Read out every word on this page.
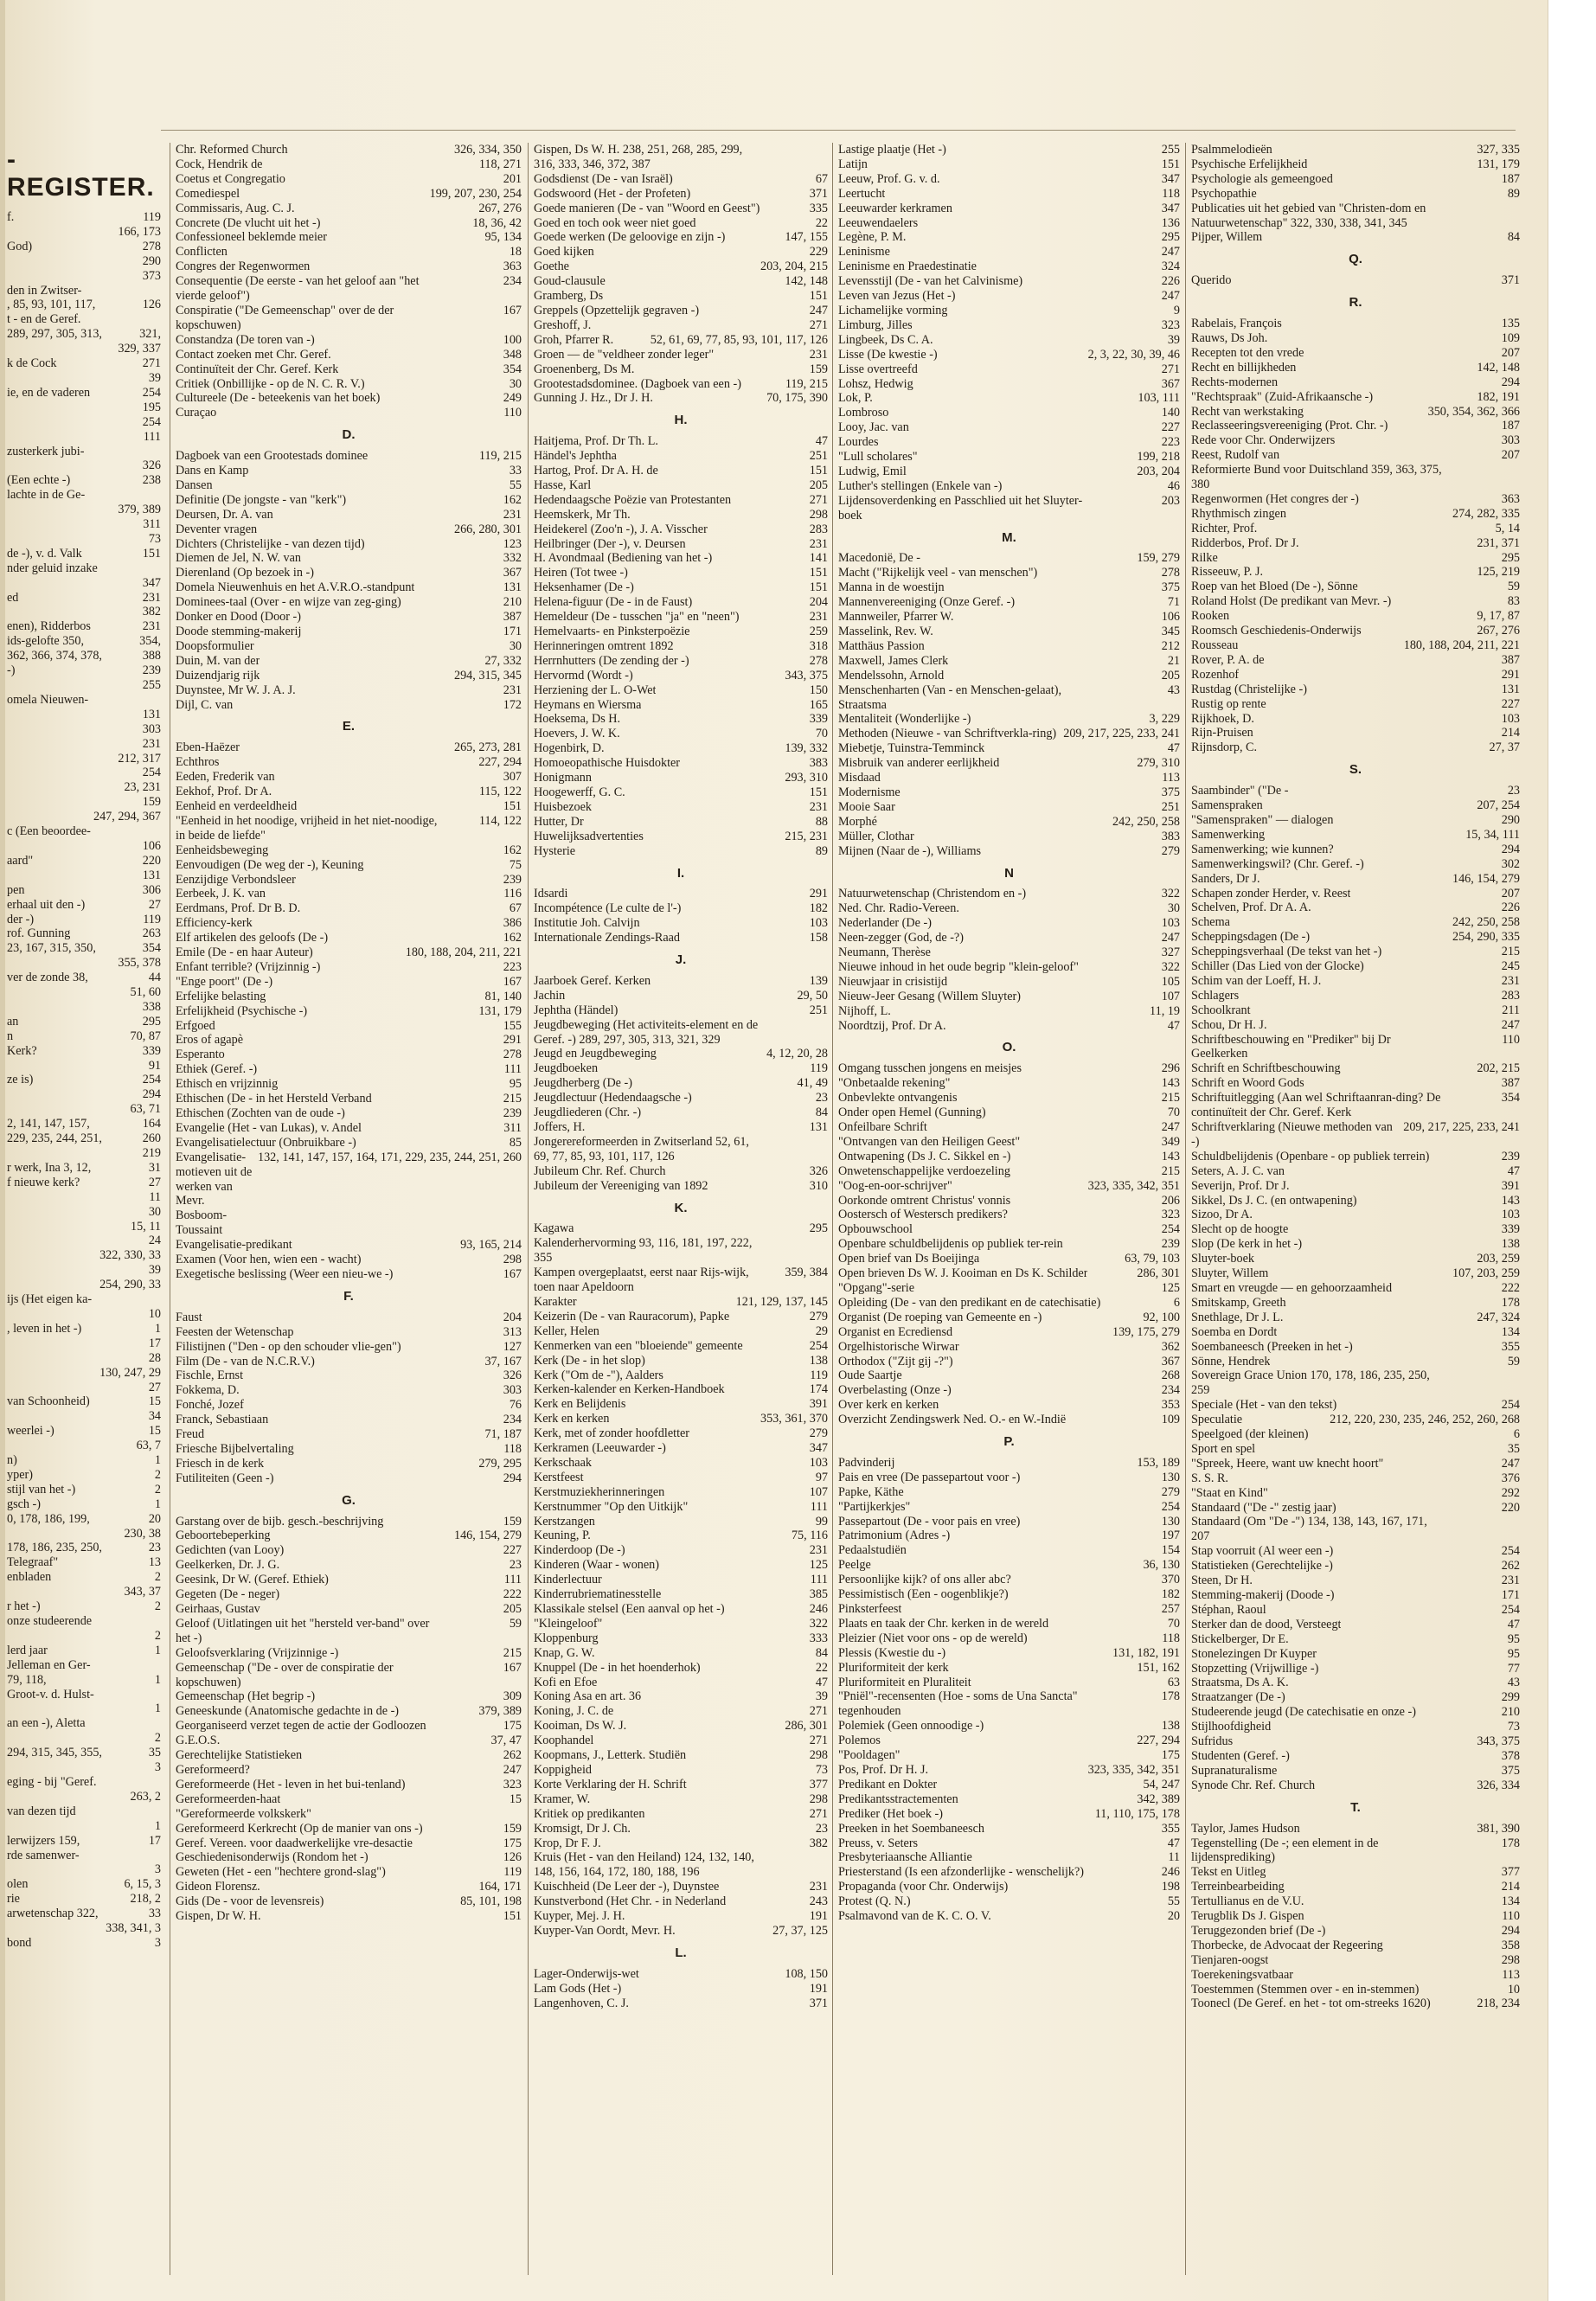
-REGISTER.
f.	119
166, 173
God)	278
290
373
den in Zwitser-
, 85, 93, 101, 117,	126
t - en de Geref.
289, 297, 305, 313,	321,
329, 337
k de Cock	271
39
ie, en de vaderen	254
195
254
111
zusterkerk jubi-
326
(Een echte -)	238
lachte in de Ge-
379, 389
311
73
de -), v. d. Valk	151
nder geluid inzake
347
ed	231
382
enen), Ridderbos	231
ids-gelofte 350,	354,
362, 366, 374, 378,	388
-)	239
255
omela Nieuwen-
131
303
231
212, 317
254
23, 231
159
247, 294, 367
c (Een beoordee-
106
aard"	220
131
pen	306
erhaal uit den -)	27
der -)	119
rof. Gunning	263
23, 167, 315, 350,	354
355, 378
ver de zonde 38,	44
51, 60
338
an	295
n	70, 87
Kerk?	339
91
ze is)	254
294
63, 71
2, 141, 147, 157,	164
229, 235, 244, 251,	260
219
r werk, Ina 3, 12,	31
f nieuwe kerk?	27
11
30
15, 11
24
322, 330, 33
39
254, 290, 33
ijs (Het eigen ka-
10
, leven in het -)	1
17
28
130, 247, 29
27
van Schoonheid)	15
34
weerlei -)	15
63, 7
n)	1
yper)	2
stijl van het -)	2
gsch -)	1
0, 178, 186, 199,	20
230, 38
178, 186, 235, 250,	23
Telegraaf"	13
enbladen	2
343, 37
r het -)	2
onze studeerende
2
lerd jaar	1
Jelleman en Ger-
79, 118,	1
Groot-v. d. Hulst-
1
an een -), Aletta
2
294, 315, 345, 355,	35
3
eging - bij "Geref.
263, 2
van dezen tijd
1
lerwijzers 159,	17
rde samenwer-
3
olen	6, 15, 3
rie	218, 2
arwetenschap 322,	33
338, 341, 3
bond	3
Chr. Reformed Church	326, 334, 350
Cock, Hendrik de	118, 271
Coetus et Congregatio	201
Comediespel	199, 207, 230, 254
Commissaris, Aug. C. J.	267, 276
Concrete (De vlucht uit het -)	18, 36, 42
Confessioneel beklemde meier	95, 134
Conflicten	18
Congres der Regenwormen	363
Consequentie (De eerste - van het geloof aan "het vierde geloof")
234
Conspiratie ("De Gemeenschap" over de der kopschuwen)
167
Constandza (De toren van -)	100
Contact zoeken met Chr. Geref.	348
Continuïteit der Chr. Geref. Kerk	354
Critiek (Onbillijke - op de N. C. R. V.)	30
Cultureele (De - beteekenis van het boek)	249
Curaçao	110
D.
Dagboek van een Grootestads dominee	119, 215
Dans en Kamp	33
Dansen	55
Definitie (De jongste - van "kerk")	162
Deursen, Dr. A. van	231
Deventer vragen	266, 280, 301
Dichters (Christelijke - van dezen tijd)	123
Diemen de Jel, N. W. van	332
Dierenland (Op bezoek in -)	367
Domela Nieuwenhuis en het A.V.R.O.-standpunt	131
Dominees-taal (Over - en wijze van zeg-ging)	210
Donker en Dood (Door -)	387
Doode stemming-makerij	171
Doopsformulier	30
Duin, M. van der	27, 332
Duizendjarig rijk	294, 315, 345
Duynstee, Mr W. J. A. J.	231
Dijl, C. van	172
E.
Eben-Haëzer	265, 273, 281
Echthros	227, 294
Eeden, Frederik van	307
Eekhof, Prof. Dr A.	115, 122
Eenheid en verdeeldheid	151
"Eenheid in het noodige, vrijheid in het niet-noodige, in beide de liefde"
114, 122
Eenheidsbeweging	162
Eenvoudigen (De weg der -), Keuning	75
Eenzijdige Verbondsleer	239
Eerbeek, J. K. van	116
Eerdmans, Prof. Dr B. D.	67
Efficiency-kerk	386
Elf artikelen des geloofs (De -)	162
Emile (De - en haar Auteur)	180, 188, 204, 211, 221
Enfant terrible? (Vrijzinnig -)	223
"Enge poort" (De -)	167
Erfelijke belasting	81, 140
Erfelijkheid (Psychische -)	131, 179
Erfgoed	155
Eros of agapè	291
Esperanto	278
Ethiek (Geref. -)	111
Ethisch en vrijzinnig	95
Ethischen (De - in het Hersteld Verband	215
Ethischen (Zochten van de oude -)	239
Evangelie (Het - van Lukas), v. Andel	311
Evangelisatielectuur (Onbruikbare -)	85
Evangelisatie-motieven uit de werken van Mevr. Bosboom-Toussaint
132, 141, 147, 157, 164, 171, 229, 235, 244, 251, 260
Evangelisatie-predikant	93, 165, 214
Examen (Voor hen, wien een - wacht)	298
Exegetische beslissing (Weer een nieu-we -)	167
F.
Faust	204
Feesten der Wetenschap	313
Filistijnen ("Den - op den schouder vlie-gen")	127
Film (De - van de N.C.R.V.)	37, 167
Fischle, Ernst	326
Fokkema, D.	303
Fonché, Jozef	76
Franck, Sebastiaan	234
Freud	71, 187
Friesche Bijbelvertaling	118
Friesch in de kerk	279, 295
Futiliteiten (Geen -)	294
G.
Garstang over de bijb. gesch.-beschrijving	159
Geboortebeperking	146, 154, 279
Gedichten (van Looy)	227
Geelkerken, Dr. J. G.	23
Geesink, Dr W. (Geref. Ethiek)	111
Gegeten (De - neger)	222
Geirhaas, Gustav	205
Geloof (Uitlatingen uit het "hersteld ver-band" over het -)
59
Geloofsverklaring (Vrijzinnige -)	215
Gemeenschap ("De - over de conspiratie der kopschuwen)
167
Gemeenschap (Het begrip -)	309
Geneeskunde (Anatomische gedachte in de -)	379, 389
Georganiseerd verzet tegen de actie der Godloozen	175
G.E.O.S.	37, 47
Gerechtelijke Statistieken	262
Gereformeerd?	247
Gereformeerde (Het - leven in het bui-tenland)	323
Gereformeerden-haat	15
"Gereformeerde volkskerk"
Gereformeerd Kerkrecht (Op de manier van ons -)	159
Geref. Vereen. voor daadwerkelijke vre-desactie	175
Geschiedenisonderwijs (Rondom het -)	126
Geweten (Het - een "hechtere grond-slag")	119
Gideon Florensz.	164, 171
Gids (De - voor de levensreis)	85, 101, 198
Gispen, Dr W. H.	151
Gispen, Ds W. H. 238, 251, 268, 285, 299, 316, 333, 346, 372, 387
Godsdienst (De - van Israël)	67
Godswoord (Het - der Profeten)	371
Goede manieren (De - van "Woord en Geest")	335
Goed en toch ook weer niet goed	22
Goede werken (De geloovige en zijn -)	147, 155
Goed kijken	229
Goethe	203, 204, 215
Goud-clausule	142, 148
Gramberg, Ds	151
Greppels (Opzettelijk gegraven -)	247
Greshoff, J.	271
Groh, Pfarrer R.	52, 61, 69, 77, 85, 93, 101, 117, 126
Groen — de "veldheer zonder leger"	231
Groenenberg, Ds M.	159
Grootestadsdominee. (Dagboek van een -)	119, 215
Gunning J. Hz., Dr J. H.	70, 175, 390
H.
Haitjema, Prof. Dr Th. L.	47
Händel's Jephtha	251
Hartog, Prof. Dr A. H. de	151
Hasse, Karl	205
Hedendaagsche Poëzie van Protestanten	271
Heemskerk, Mr Th.	298
Heidekerel (Zoo'n -), J. A. Visscher	283
Heilbringer (Der -), v. Deursen	231
H. Avondmaal (Bediening van het -)	141
Heiren (Tot twee -)	151
Heksenhamer (De -)	151
Helena-figuur (De - in de Faust)	204
Hemeldeur (De - tusschen "ja" en "neen")	231
Hemelvaarts- en Pinksterpoëzie	259
Herinneringen omtrent 1892	318
Herrnhutters (De zending der -)	278
Hervormd (Wordt -)	343, 375
Herziening der L. O-Wet	150
Heymans en Wiersma	165
Hoeksema, Ds H.	339
Hoevers, J. W. K.	70
Hogenbirk, D.	139, 332
Homoeopathische Huisdokter	383
Honigmann	293, 310
Hoogewerff, G. C.	151
Huisbezoek	231
Hutter, Dr	88
Huwelijksadvertenties	215, 231
Hysterie	89
I.
Idsardi	291
Incompétence (Le culte de l'-)	182
Institutie Joh. Calvijn	103
Internationale Zendings-Raad	158
J.
Jaarboek Geref. Kerken	139
Jachin	29, 50
Jephtha (Händel)	251
Jeugdbeweging (Het activiteits-element en de Geref. -) 289, 297, 305, 313, 321, 329
Jeugd en Jeugdbeweging	4, 12, 20, 28
Jeugdboeken	119
Jeugdherberg (De -)	41, 49
Jeugdlectuur (Hedendaagsche -)	23
Jeugdliederen (Chr. -)	84
Joffers, H.	131
Jongerereformeerden in Zwitserland 52, 61, 69, 77, 85, 93, 101, 117, 126
Jubileum Chr. Ref. Church	326
Jubileum der Vereeniging van 1892	310
K.
Kagawa	295
Kalenderhervorming 93, 116, 181, 197, 222, 355
Kampen overgeplaatst, eerst naar Rijs-wijk, toen naar Apeldoorn
359, 384
Karakter	121, 129, 137, 145
Keizerin (De - van Rauracorum), Papke	279
Keller, Helen	29
Kenmerken van een "bloeiende" gemeente	254
Kerk (De - in het slop)	138
Kerk ("Om de -"), Aalders	119
Kerken-kalender en Kerken-Handboek	174
Kerk en Belijdenis	391
Kerk en kerken	353, 361, 370
Kerk, met of zonder hoofdletter	279
Kerkramen (Leeuwarder -)	347
Kerkschaak	103
Kerstfeest	97
Kerstmuziekherinneringen	107
Kerstnummer "Op den Uitkijk"	111
Kerstzangen	99
Keuning, P.	75, 116
Kinderdoop (De -)	231
Kinderen (Waar - wonen)	125
Kinderlectuur	111
Kinderrubriematinesstelle	385
Klassikale stelsel (Een aanval op het -)	246
"Kleingeloof"	322
Kloppenburg	333
Knap, G. W.	84
Knuppel (De - in het hoenderhok)	22
Kofi en Efoe	47
Koning Asa en art. 36	39
Koning, J. C. de	271
Kooiman, Ds W. J.	286, 301
Koophandel	271
Koopmans, J., Letterk. Studiën	298
Koppigheid	73
Korte Verklaring der H. Schrift	377
Kramer, W.	298
Kritiek op predikanten	271
Kromsigt, Dr J. Ch.	23
Krop, Dr F. J.	382
Kruis (Het - van den Heiland) 124, 132, 140, 148, 156, 164, 172, 180, 188, 196
Kuischheid (De Leer der -), Duynstee	231
Kunstverbond (Het Chr. - in Nederland	243
Kuyper, Mej. J. H.	191
Kuyper-Van Oordt, Mevr. H.	27, 37, 125
L.
Lager-Onderwijs-wet	108, 150
Lam Gods (Het -)	191
Langenhoven, C. J.	371
Lastige plaatje (Het -)	255
Latijn	151
Leeuw, Prof. G. v. d.	347
Leertucht	118
Leeuwarder kerkramen	347
Leeuwendaelers	136
Legène, P. M.	295
Leninisme	247
Leninisme en Praedestinatie	324
Levensstijl (De - van het Calvinisme)	226
Leven van Jezus (Het -)	247
Lichamelijke vorming	9
Limburg, Jilles	323
Lingbeek, Ds C. A.	39
Lisse (De kwestie -)	2, 3, 22, 30, 39, 46
Lisse overtreefd	271
Lohsz, Hedwig	367
Lok, P.	103, 111
Lombroso	140
Looy, Jac. van	227
Lourdes	223
"Lull scholares"	199, 218
Ludwig, Emil	203, 204
Luther's stellingen (Enkele van -)	46
Lijdensoverdenking en Passchlied uit het Sluyter-boek
203
M.
Macedonië, De -	159, 279
Macht ("Rijkelijk veel - van menschen")	278
Manna in de woestijn	375
Mannenvereeniging (Onze Geref. -)	71
Mannweiler, Pfarrer W.	106
Masselink, Rev. W.	345
Matthäus Passion	212
Maxwell, James Clerk	21
Mendelssohn, Arnold	205
Menschenharten (Van - en Menschen-gelaat), Straatsma
43
Mentaliteit (Wonderlijke -)	3, 229
Methoden (Nieuwe - van Schriftverkla-ring) 209, 217, 225, 233, 241
Miebetje, Tuinstra-Temminck	47
Misbruik van anderer eerlijkheid	279, 310
Misdaad	113
Modernisme	375
Mooie Saar	251
Morphé	242, 250, 258
Müller, Clothar	383
Mijnen (Naar de -), Williams	279
N
Natuurwetenschap (Christendom en -)	322
Ned. Chr. Radio-Vereen.	30
Nederlander (De -)	103
Neen-zegger (God, de -?)	247
Neumann, Therèse	327
Nieuwe inhoud in het oude begrip "klein-geloof"	322
Nieuwjaar in crisistijd	105
Nieuw-Jeer Gesang (Willem Sluyter)	107
Nijhoff, L.	11, 19
Noordtzij, Prof. Dr A.	47
O.
Omgang tusschen jongens en meisjes	296
"Onbetaalde rekening"	143
Onbevlekte ontvangenis	215
Onder open Hemel (Gunning)	70
Onfeilbare Schrift	247
"Ontvangen van den Heiligen Geest"	349
Ontwapening (Ds J. C. Sikkel en -)	143
Onwetenschappelijke verdoezeling	215
"Oog-en-oor-schrijver"	323, 335, 342, 351
Oorkonde omtrent Christus' vonnis	206
Oostersch of Westersch predikers?	323
Opbouwschool	254
Openbare schuldbelijdenis op publiek ter-rein	239
Open brief van Ds Boeijinga	63, 79, 103
Open brieven Ds W. J. Kooiman en Ds K. Schilder	286, 301
"Opgang"-serie	125
Opleiding (De - van den predikant en de catechisatie)	6
Organist (De roeping van Gemeente en -)	92, 100
Organist en Ecrediensd	139, 175, 279
Orgelhistorische Wirwar	362
Orthodox ("Zijt gij -?")	367
Oude Saartje	268
Overbelasting (Onze -)	234
Over kerk en kerken	353
Overzicht Zendingswerk Ned. O.- en W.-Indië	109
P.
Padvinderij	153, 189
Pais en vree (De passepartout voor -)	130
Papke, Käthe	279
"Partijkerkjes"	254
Passepartout (De - voor pais en vree)	130
Patrimonium (Adres -)	197
Pedaalstudiën	154
Peelge	36, 130
Persoonlijke kijk? of ons aller abc?	370
Pessimistisch (Een - oogenblikje?)	182
Pinksterfeest	257
Plaats en taak der Chr. kerken in de wereld	70
Pleizier (Niet voor ons - op de wereld)	118
Plessis (Kwestie du -)	131, 182, 191
Pluriformiteit der kerk	151, 162
Pluriformiteit en Pluraliteit	63
"Pniël"-recensenten (Hoe - soms de Una Sancta" tegenhouden
178
Polemiek (Geen onnoodige -)	138
Polemos	227, 294
"Pooldagen"	175
Pos, Prof. Dr H. J.	323, 335, 342, 351
Predikant en Dokter	54, 247
Predikantsstractementen	342, 389
Prediker (Het boek -)	11, 110, 175, 178
Preeken in het Soembaneesch	355
Preuss, v. Seters	47
Presbyteriaansche Alliantie	11
Priesterstand (Is een afzonderlijke - wenschelijk?)	246
Propaganda (voor Chr. Onderwijs)	198
Protest (Q. N.)	55
Psalmavond van de K. C. O. V.	20
Psalmmelodieën	327, 335
Psychische Erfelijkheid	131, 179
Psychologie als gemeengoed	187
Psychopathie	89
Publicaties uit het gebied van "Christen-dom en Natuurwetenschap" 322, 330, 338, 341, 345
Pijper, Willem	84
Q.
Querido	371
R.
Rabelais, François	135
Rauws, Ds Joh.	109
Recepten tot den vrede	207
Recht en billijkheden	142, 148
Rechts-modernen	294
"Rechtspraak" (Zuid-Afrikaansche -)	182, 191
Recht van werkstaking	350, 354, 362, 366
Reclasseeringsvereeniging (Prot. Chr. -)	187
Rede voor Chr. Onderwijzers	303
Reest, Rudolf van	207
Reformierte Bund voor Duitschland 359, 363, 375, 380
Regenwormen (Het congres der -)	363
Rhythmisch zingen	274, 282, 335
Richter, Prof.	5, 14
Ridderbos, Prof. Dr J.	231, 371
Rilke	295
Risseeuw, P. J.	125, 219
Roep van het Bloed (De -), Sönne	59
Roland Holst (De predikant van Mevr. -)	83
Rooken	9, 17, 87
Roomsch Geschiedenis-Onderwijs	267, 276
Rousseau	180, 188, 204, 211, 221
Rover, P. A. de	387
Rozenhof	291
Rustdag (Christelijke -)	131
Rustig op rente	227
Rijkhoek, D.	103
Rijn-Pruisen	214
Rijnsdorp, C.	27, 37
S.
Saambinder" ("De -	23
Samenspraken	207, 254
"Samenspraken" — dialogen	290
Samenwerking	15, 34, 111
Samenwerking; wie kunnen?	294
Samenwerkingswil? (Chr. Geref. -)	302
Sanders, Dr J.	146, 154, 279
Schapen zonder Herder, v. Reest	207
Schelven, Prof. Dr A. A.	226
Schema	242, 250, 258
Scheppingsdagen (De -)	254, 290, 335
Scheppingsverhaal (De tekst van het -)	215
Schiller (Das Lied von der Glocke)	245
Schim van der Loeff, H. J.	231
Schlagers	283
Schoolkrant	211
Schou, Dr H. J.	247
Schriftbeschouwing en "Prediker" bij Dr Geelkerken
110
Schrift en Schriftbeschouwing	202, 215
Schrift en Woord Gods	387
Schriftuitlegging (Aan wel Schriftaanran-ding? De continuïteit der Chr. Geref. Kerk
354
Schriftverklaring (Nieuwe methoden van -)
209, 217, 225, 233, 241
Schuldbelijdenis (Openbare - op publiek terrein)	239
Seters, A. J. C. van	47
Severijn, Prof. Dr J.	391
Sikkel, Ds J. C. (en ontwapening)	143
Sizoo, Dr A.	103
Slecht op de hoogte	339
Slop (De kerk in het -)	138
Sluyter-boek	203, 259
Sluyter, Willem	107, 203, 259
Smart en vreugde — en gehoorzaamheid	222
Smitskamp, Greeth	178
Snethlage, Dr J. L.	247, 324
Soemba en Dordt	134
Soembaneesch (Preeken in het -)	355
Sönne, Hendrek	59
Sovereign Grace Union 170, 178, 186, 235, 250, 259
Speciale (Het - van den tekst)	254
Speculatie	212, 220, 230, 235, 246, 252, 260, 268
Speelgoed (der kleinen)	6
Sport en spel	35
"Spreek, Heere, want uw knecht hoort"	247
S. S. R.	376
"Staat en Kind"	292
Standaard ("De -" zestig jaar)	220
Standaard (Om "De -") 134, 138, 143, 167, 171, 207
Stap voorruit (Al weer een -)	254
Statistieken (Gerechtelijke -)	262
Steen, Dr H.	231
Stemming-makerij (Doode -)	171
Stéphan, Raoul	254
Sterker dan de dood, Versteegt	47
Stickelberger, Dr E.	95
Stonelezingen Dr Kuyper	95
Stopzetting (Vrijwillige -)	77
Straatsma, Ds A. K.	43
Straatzanger (De -)	299
Studeerende jeugd (De catechisatie en onze -)	210
Stijlhoofdigheid	73
Sufridus	343, 375
Studenten (Geref. -)	378
Supranaturalisme	375
Synode Chr. Ref. Church	326, 334
T.
Taylor, James Hudson	381, 390
Tegenstelling (De -; een element in de lijdensprediking)
178
Tekst en Uitleg	377
Terreinbearbeiding	214
Tertullianus en de V.U.	134
Terugblik Ds J. Gispen	110
Teruggezonden brief (De -)	294
Thorbecke, de Advocaat der Regeering	358
Tienjaren-oogst	298
Toerekeningsvatbaar	113
Toestemmen (Stemmen over - en in-stemmen)	10
Toonecl (De Geref. en het - tot om-streeks 1620)	218, 234
